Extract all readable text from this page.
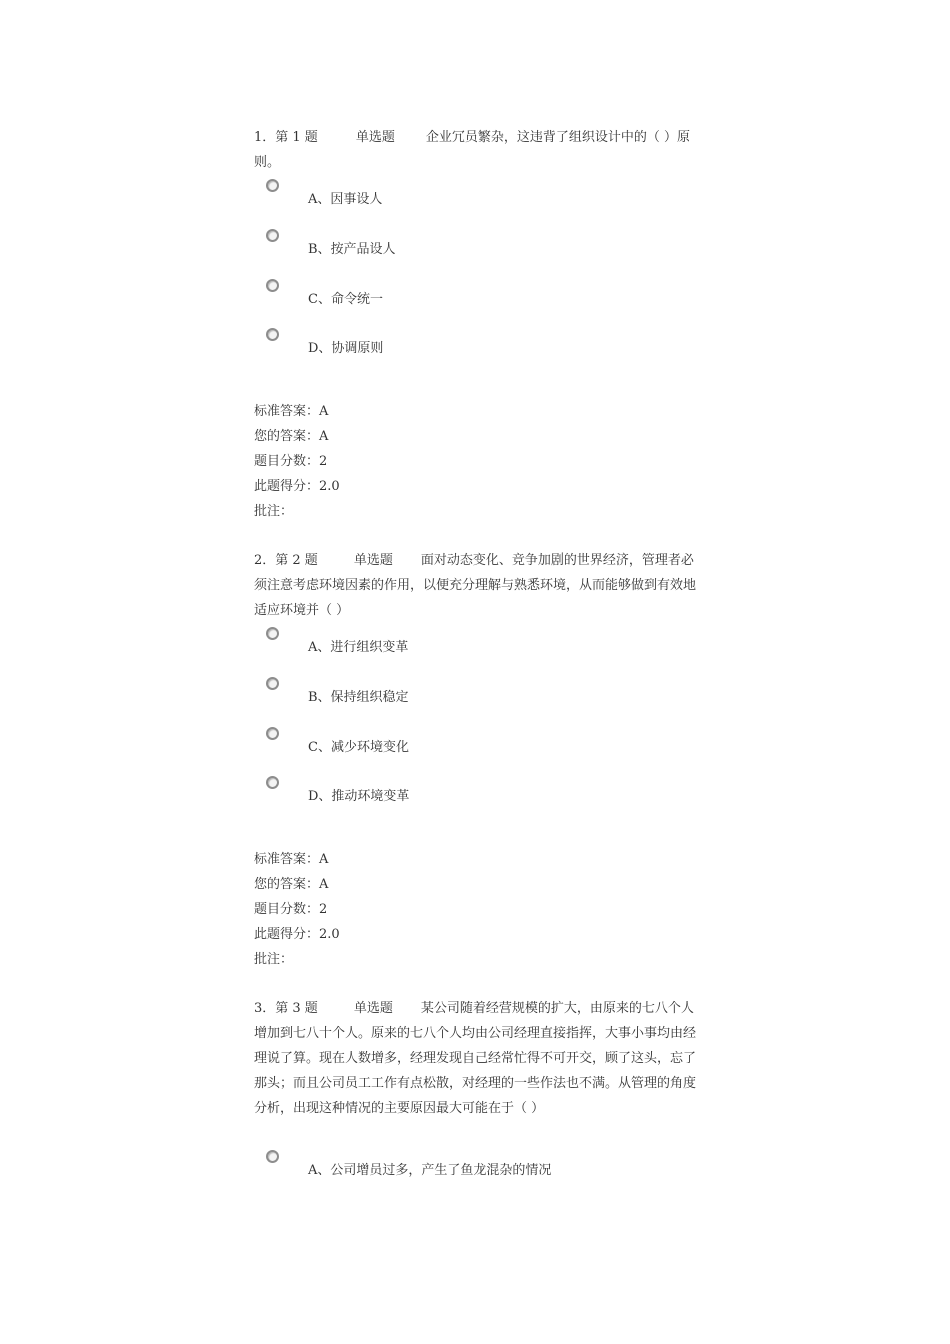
1．第 1 题	单选题 企业冗员繁杂，这违背了组织设计中的（ ）原则。

A、因事设人
B、按产品设人
C、命令统一
D、协调原则
标准答案：A
您的答案：A
题目分数：2
此题得分：2.0
批注：

2．第 2 题	单选题 面对动态变化、竞争加剧的世界经济，管理者必须注意考虑环境因素的作用，以便充分理解与熟悉环境，从而能够做到有效地适应环境并（ ）

A、进行组织变革
B、保持组织稳定
C、减少环境变化
D、推动环境变革
标准答案：A
您的答案：A
题目分数：2
此题得分：2.0
批注：

3．第 3 题	单选题 某公司随着经营规模的扩大，由原来的七八个人增加到七八十个人。原来的七八个人均由公司经理直接指挥，大事小事均由经理说了算。现在人数增多，经理发现自己经常忙得不可开交，顾了这头，忘了那头；而且公司员工工作有点松散，对经理的一些作法也不满。从管理的角度分析，出现这种情况的主要原因最大可能在于（ ）

A、公司增员过多，产生了鱼龙混杂的情况
